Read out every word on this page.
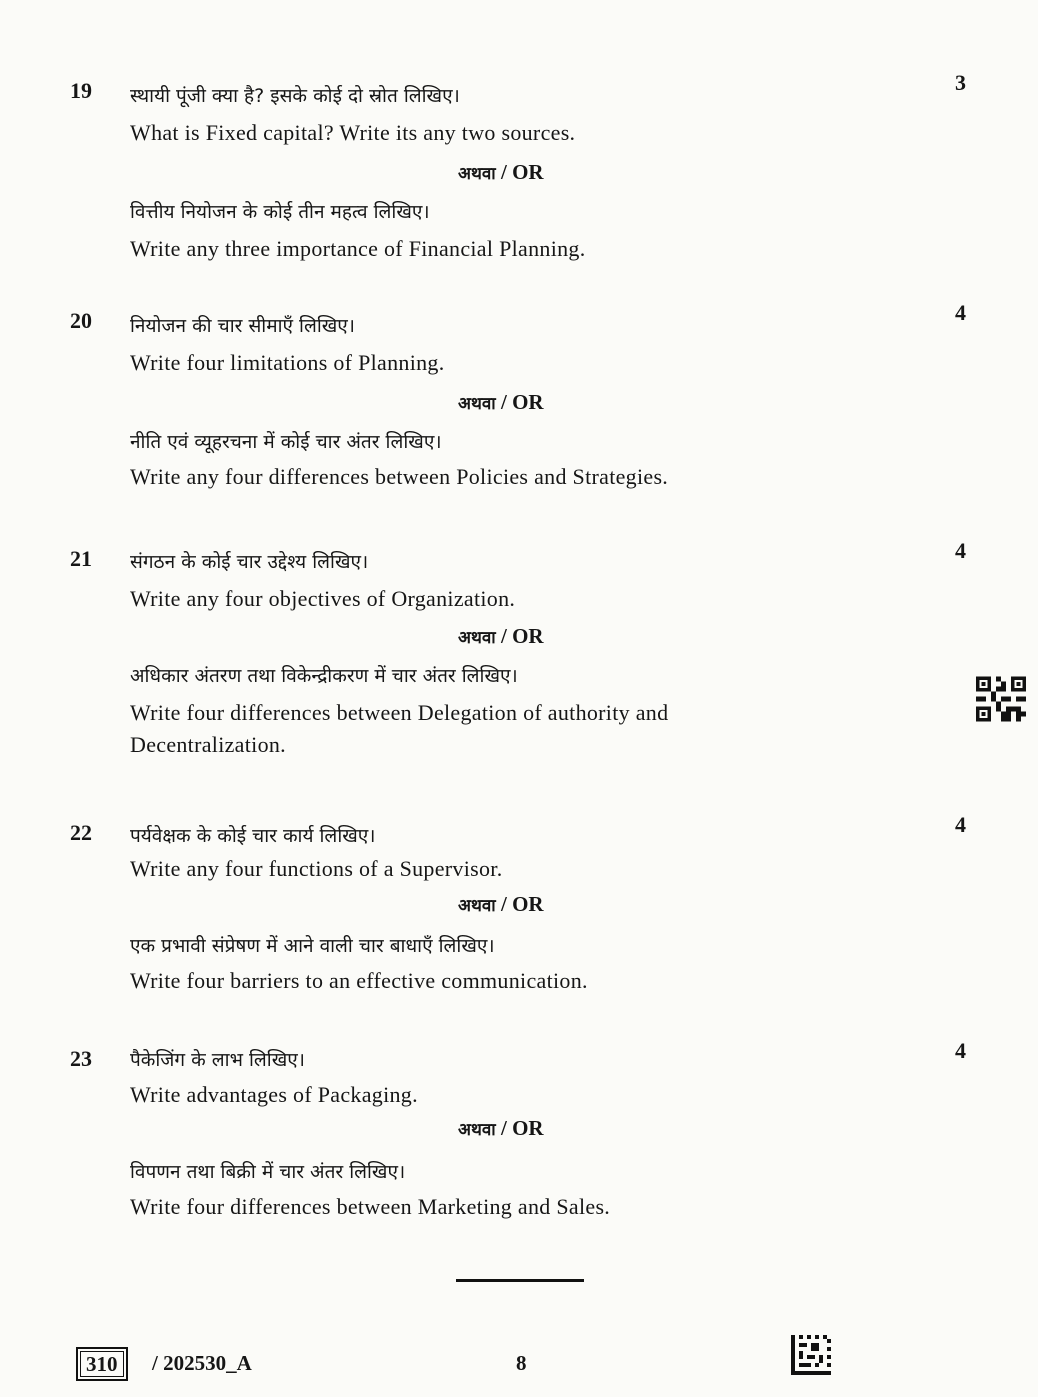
19	3
स्थायी पूंजी क्या है? इसके कोई दो स्रोत लिखिए।
What is Fixed capital? Write its any two sources.
अथवा / OR
वित्तीय नियोजन के कोई तीन महत्व लिखिए।
Write any three importance of Financial Planning.
20	4
नियोजन की चार सीमाएँ लिखिए।
Write four limitations of Planning.
अथवा / OR
नीति एवं व्यूहरचना में कोई चार अंतर लिखिए।
Write any four differences between Policies and Strategies.
21	4
संगठन के कोई चार उद्देश्य लिखिए।
Write any four objectives of Organization.
अथवा / OR
अधिकार अंतरण तथा विकेन्द्रीकरण में चार अंतर लिखिए।
Write four differences between Delegation of authority and
Decentralization.
22	4
पर्यवेक्षक के कोई चार कार्य लिखिए।
Write any four functions of a Supervisor.
अथवा / OR
एक प्रभावी संप्रेषण में आने वाली चार बाधाएँ लिखिए।
Write four barriers to an effective communication.
23	4
पैकेजिंग के लाभ लिखिए।
Write advantages of Packaging.
अथवा / OR
विपणन तथा बिक्री में चार अंतर लिखिए।
Write four differences between Marketing and Sales.
310	/ 202530_A	8
